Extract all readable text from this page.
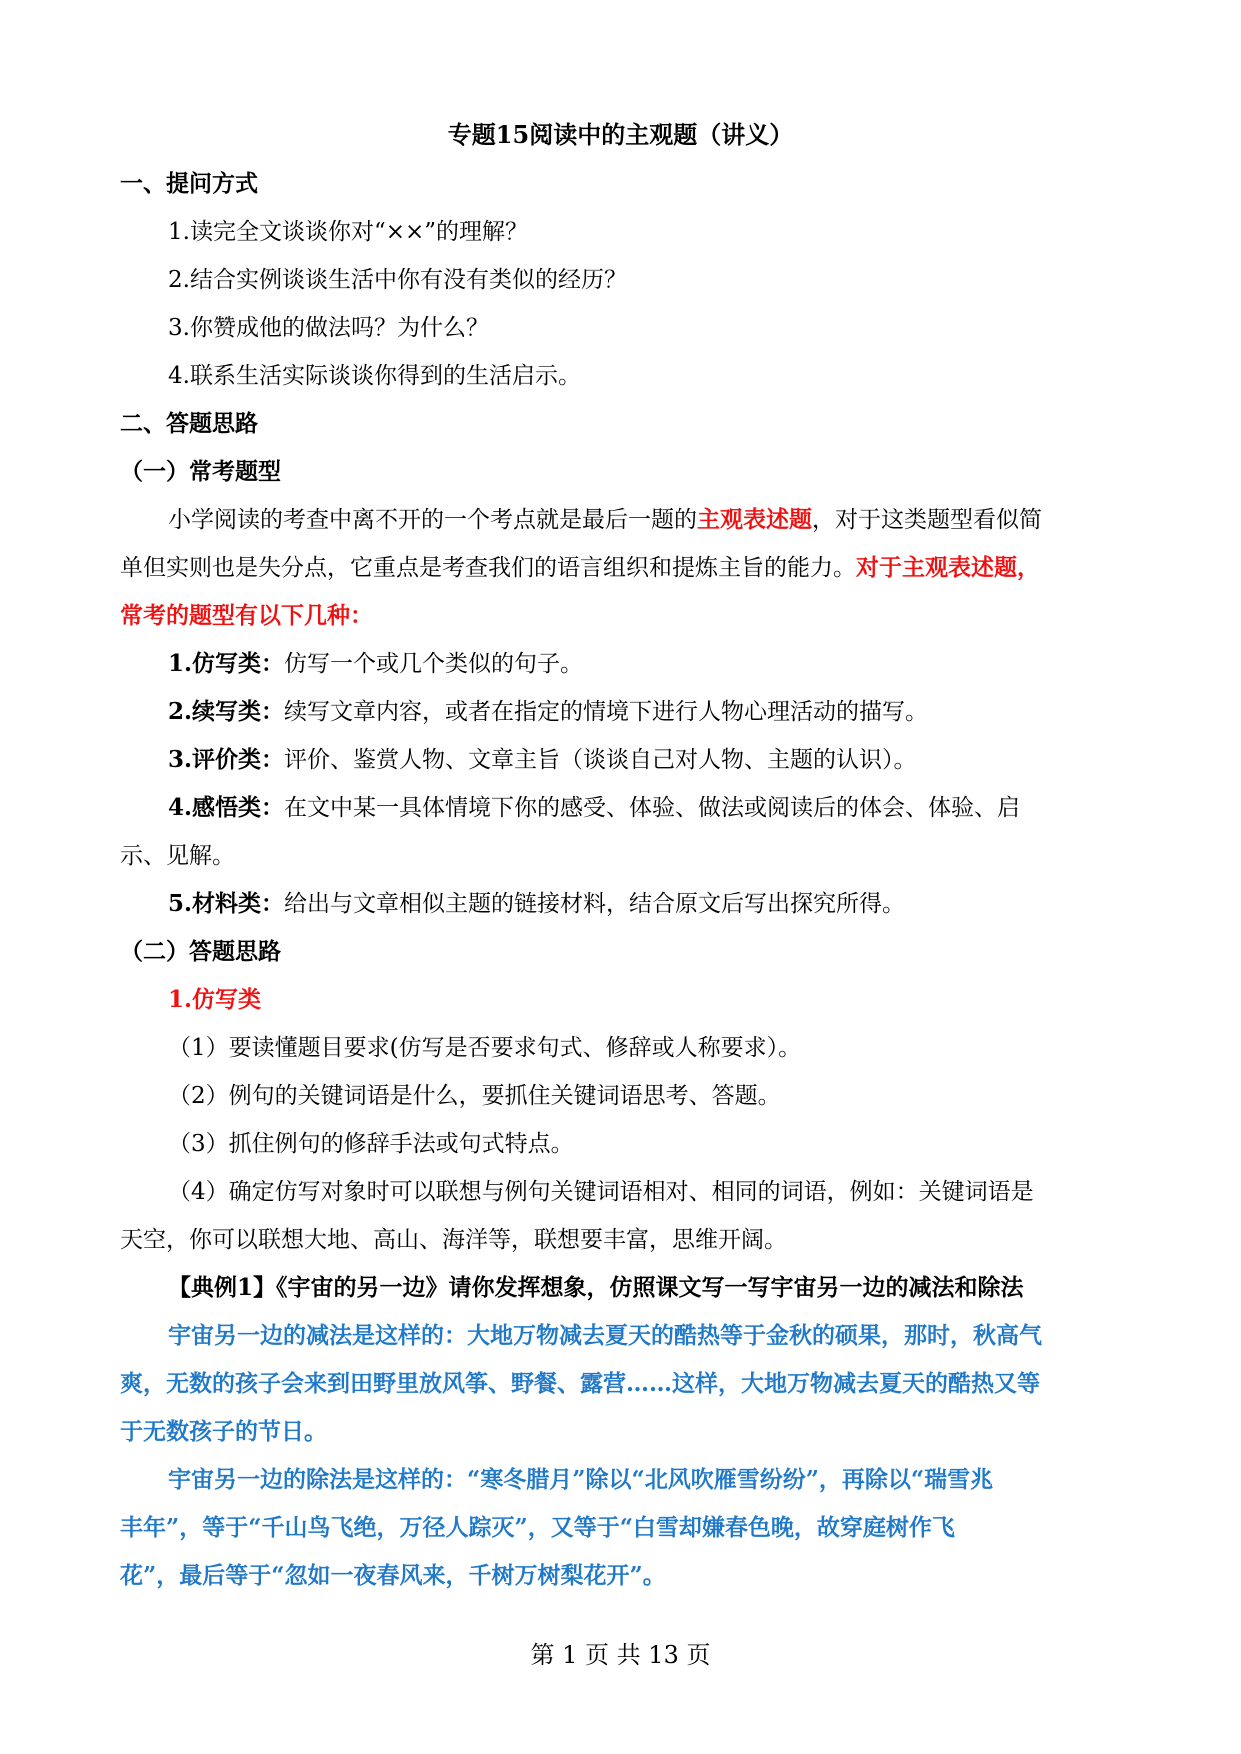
专题15阅读中的主观题（讲义）
一、提问方式
1.读完全文谈谈你对“××”的理解？
2.结合实例谈谈生活中你有没有类似的经历？
3.你赞成他的做法吗？为什么？
4.联系生活实际谈谈你得到的生活启示。
二、答题思路
（一）常考题型
小学阅读的考查中离不开的一个考点就是最后一题的主观表述题，对于这类题型看似简
单但实则也是失分点，它重点是考查我们的语言组织和提炼主旨的能力。对于主观表述题，
常考的题型有以下几种：
1.仿写类：仿写一个或几个类似的句子。
2.续写类：续写文章内容，或者在指定的情境下进行人物心理活动的描写。
3.评价类：评价、鉴赏人物、文章主旨（谈谈自己对人物、主题的认识）。
4.感悟类：在文中某一具体情境下你的感受、体验、做法或阅读后的体会、体验、启
示、见解。
5.材料类：给出与文章相似主题的链接材料，结合原文后写出探究所得。
（二）答题思路
1.仿写类
（1）要读懂题目要求(仿写是否要求句式、修辞或人称要求）。
（2）例句的关键词语是什么，要抓住关键词语思考、答题。
（3）抓住例句的修辞手法或句式特点。
（4）确定仿写对象时可以联想与例句关键词语相对、相同的词语，例如：关键词语是
天空，你可以联想大地、高山、海洋等，联想要丰富，思维开阔。
【典例1】《宇宙的另一边》请你发挥想象，仿照课文写一写宇宙另一边的减法和除法
宇宙另一边的减法是这样的：大地万物减去夏天的酷热等于金秋的硕果，那时，秋高气
爽，无数的孩子会来到田野里放风筝、野餐、露营……这样，大地万物减去夏天的酷热又等
于无数孩子的节日。
宇宙另一边的除法是这样的：“寒冬腊月”除以“北风吹雁雪纷纷”，再除以“瑞雪兆
丰年”，等于“千山鸟飞绝，万径人踪灭”，又等于“白雪却嫌春色晚，故穿庭树作飞
花”，最后等于“忽如一夜春风来，千树万树梨花开”。
第 1 页 共 13 页
